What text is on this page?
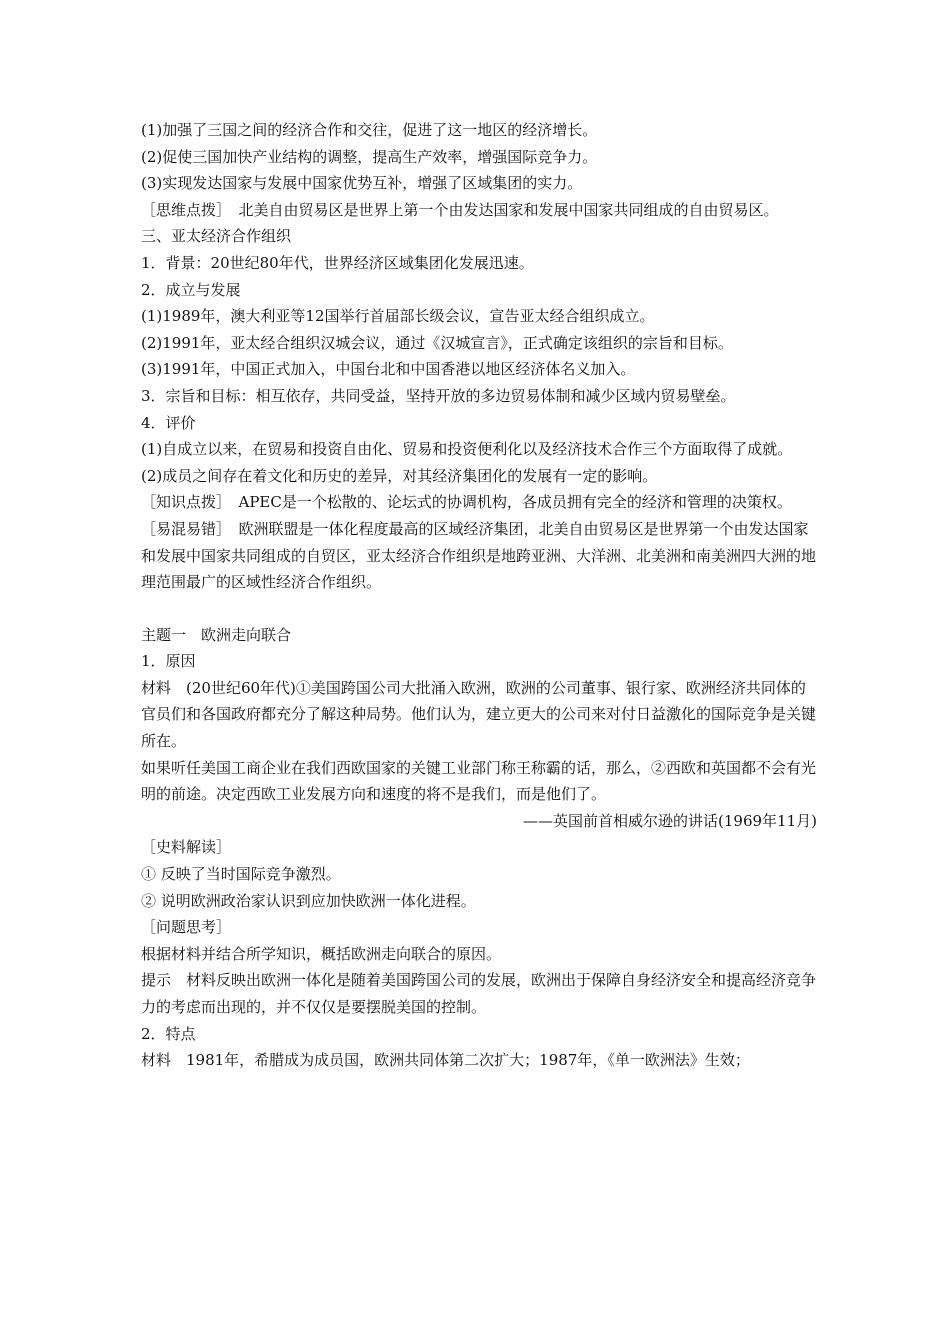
(1)加强了三国之间的经济合作和交往，促进了这一地区的经济增长。
(2)促使三国加快产业结构的调整，提高生产效率，增强国际竞争力。
(3)实现发达国家与发展中国家优势互补，增强了区域集团的实力。
［思维点拨］　北美自由贸易区是世界上第一个由发达国家和发展中国家共同组成的自由贸易区。
三、亚太经济合作组织
1．背景：20世纪80年代，世界经济区域集团化发展迅速。
2．成立与发展
(1)1989年，澳大利亚等12国举行首届部长级会议，宣告亚太经合组织成立。
(2)1991年，亚太经合组织汉城会议，通过《汉城宣言》，正式确定该组织的宗旨和目标。
(3)1991年，中国正式加入，中国台北和中国香港以地区经济体名义加入。
3．宗旨和目标：相互依存，共同受益，坚持开放的多边贸易体制和减少区域内贸易壁垒。
4．评价
(1)自成立以来，在贸易和投资自由化、贸易和投资便利化以及经济技术合作三个方面取得了成就。
(2)成员之间存在着文化和历史的差异，对其经济集团化的发展有一定的影响。
［知识点拨］　APEC是一个松散的、论坛式的协调机构，各成员拥有完全的经济和管理的决策权。
［易混易错］　欧洲联盟是一体化程度最高的区域经济集团，北美自由贸易区是世界第一个由发达国家和发展中国家共同组成的自贸区，亚太经济合作组织是地跨亚洲、大洋洲、北美洲和南美洲四大洲的地理范围最广的区域性经济合作组织。
主题一　欧洲走向联合
1．原因
材料　(20世纪60年代)①美国跨国公司大批涌入欧洲，欧洲的公司董事、银行家、欧洲经济共同体的官员们和各国政府都充分了解这种局势。他们认为，建立更大的公司来对付日益激化的国际竞争是关键所在。
如果听任美国工商企业在我们西欧国家的关键工业部门称王称霸的话，那么，②西欧和英国都不会有光明的前途。决定西欧工业发展方向和速度的将不是我们，而是他们了。
——英国前首相威尔逊的讲话(1969年11月)
［史料解读］
① 反映了当时国际竞争激烈。
② 说明欧洲政治家认识到应加快欧洲一体化进程。
［问题思考］
根据材料并结合所学知识，概括欧洲走向联合的原因。
提示　材料反映出欧洲一体化是随着美国跨国公司的发展，欧洲出于保障自身经济安全和提高经济竞争力的考虑而出现的，并不仅仅是要摆脱美国的控制。
2．特点
材料　1981年，希腊成为成员国，欧洲共同体第二次扩大；1987年，《单一欧洲法》生效；
